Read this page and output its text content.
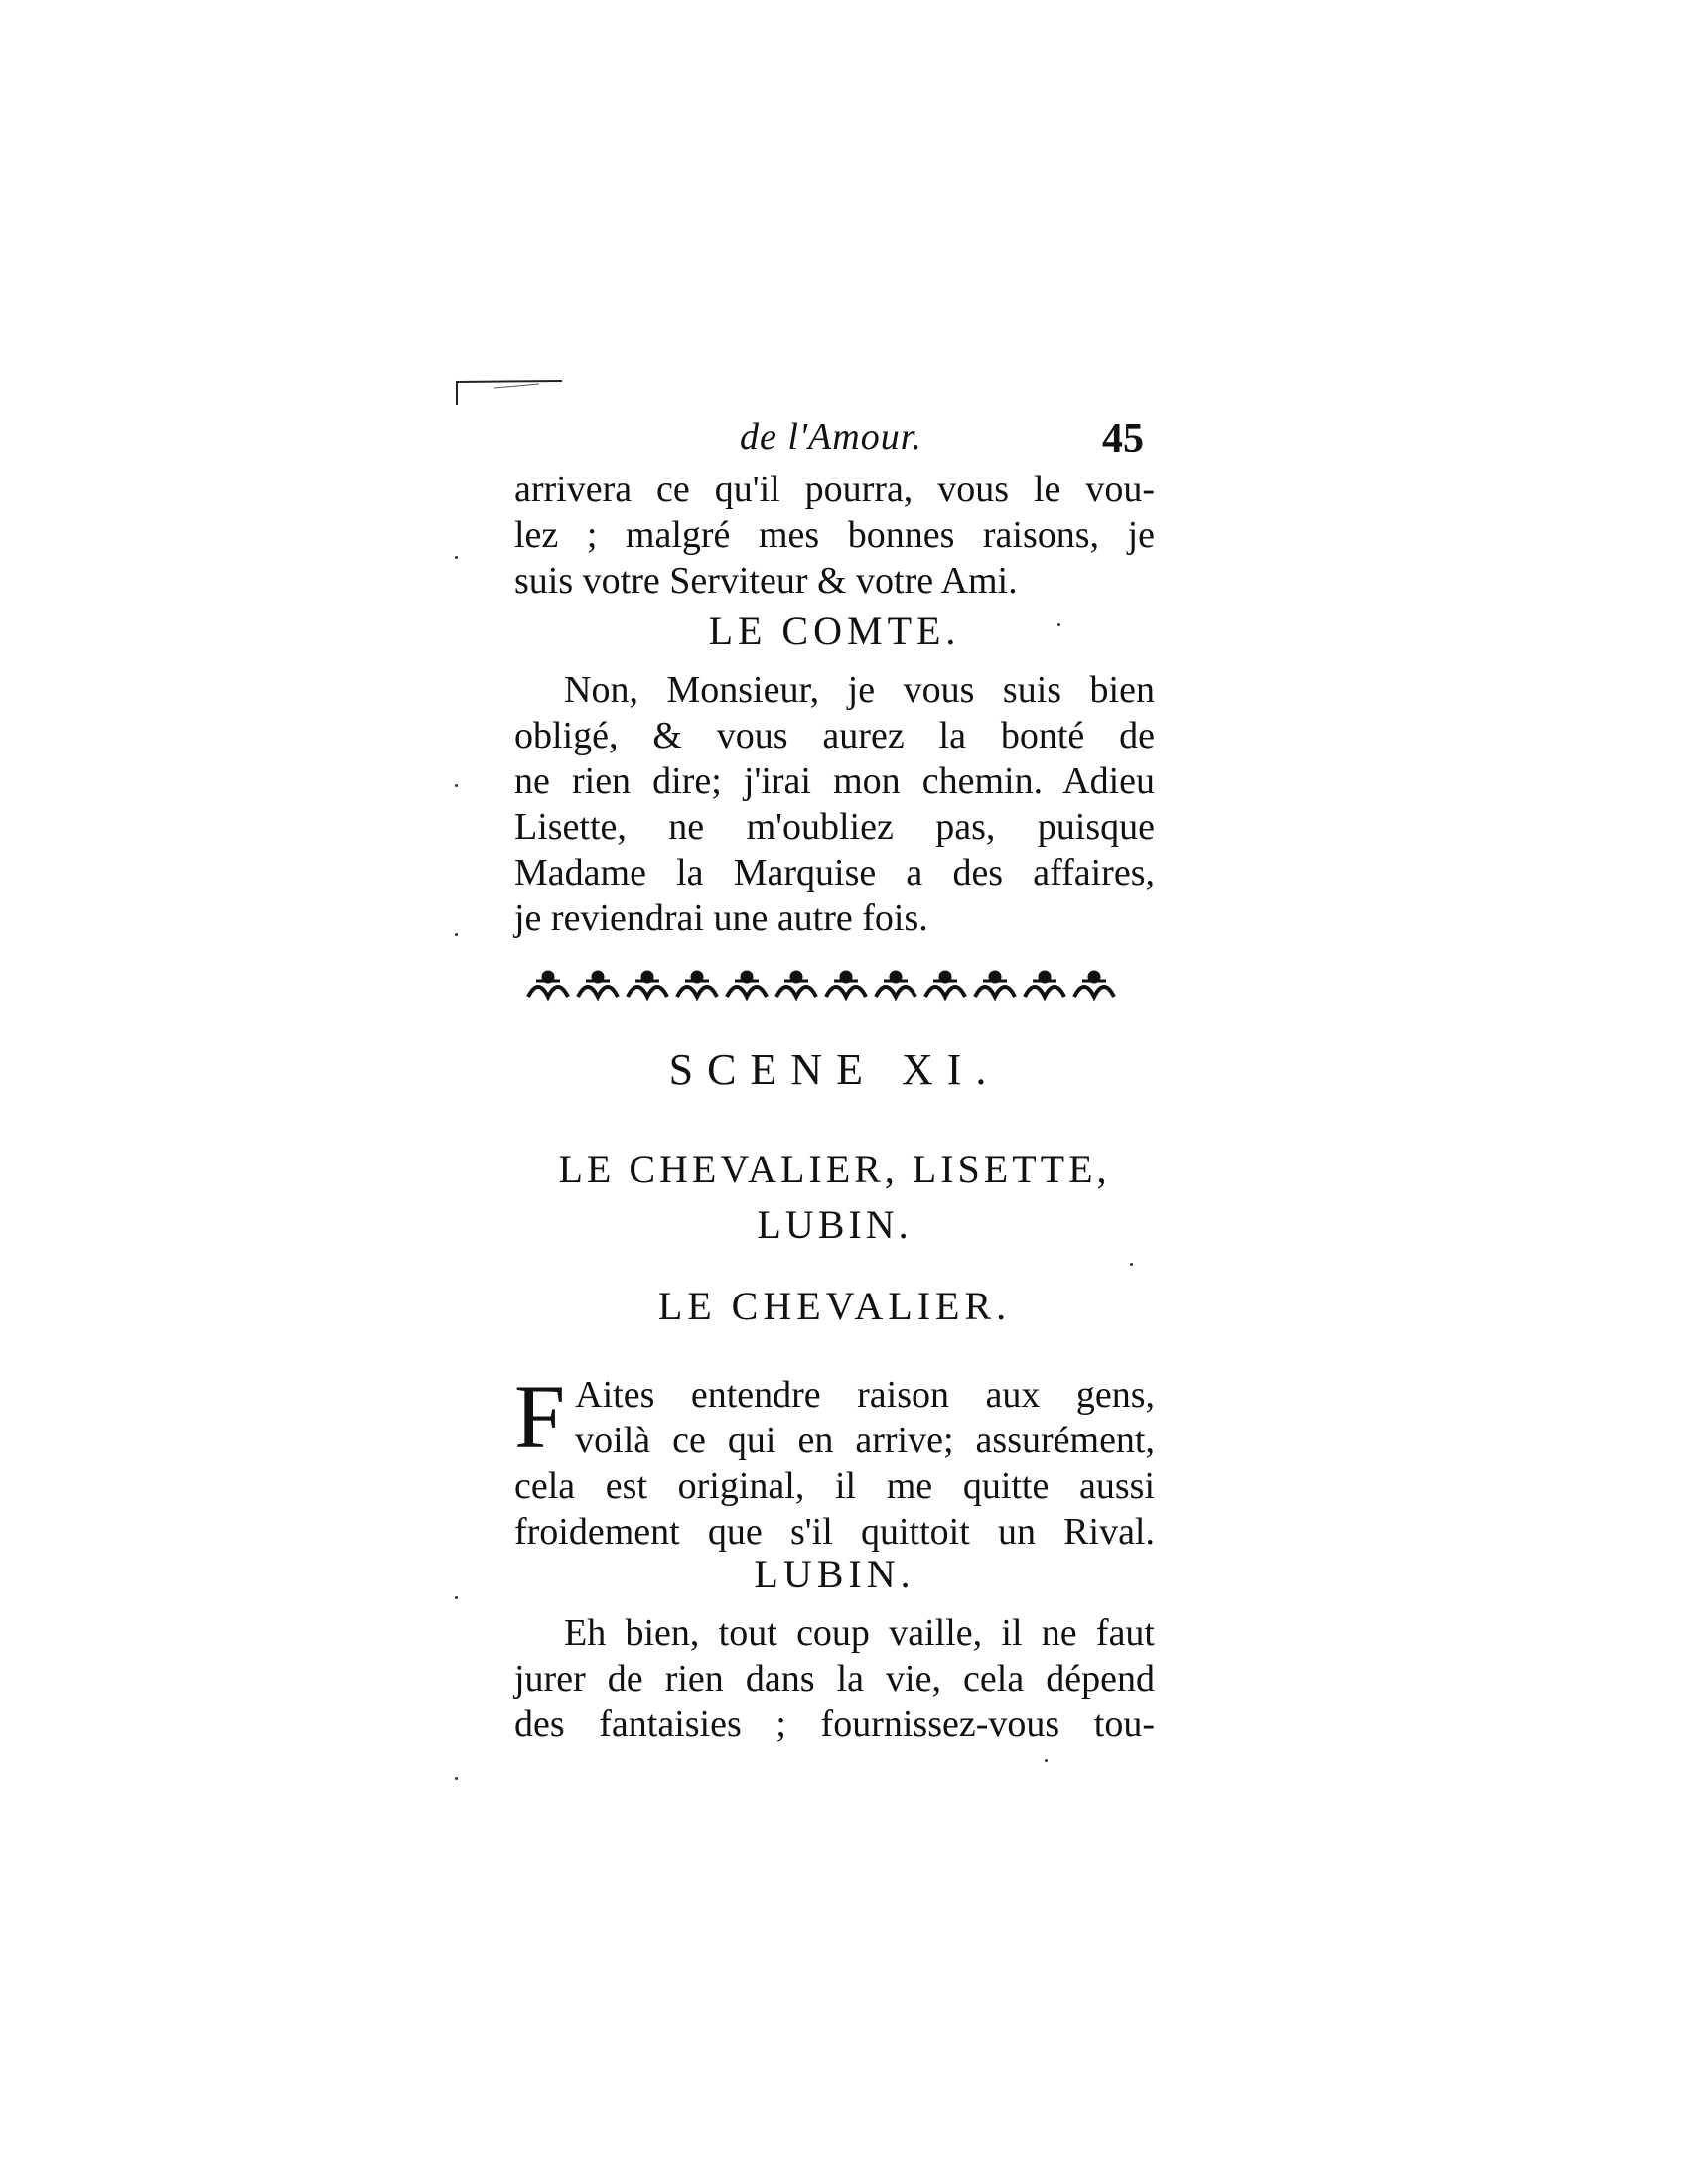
de l'Amour.	45
arrivera ce qu'il pourra, vous le vou-
lez ; malgré mes bonnes raisons, je
suis votre Serviteur & votre Ami.
LE COMTE.
Non, Monsieur, je vous suis bien
obligé, & vous aurez la bonté de
ne rien dire; j'irai mon chemin. Adieu
Lisette, ne m'oubliez pas, puisque
Madame la Marquise a des affaires,
je reviendrai une autre fois.
SCENE XI.
LE CHEVALIER, LISETTE,
LUBIN.
LE CHEVALIER.
F Aites entendre raison aux gens,
voilà ce qui en arrive; assurément,
cela est original, il me quitte aussi
froidement que s'il quittoit un Rival.
LUBIN.
Eh bien, tout coup vaille, il ne faut
jurer de rien dans la vie, cela dépend
des fantaisies ; fournissez-vous tou-
